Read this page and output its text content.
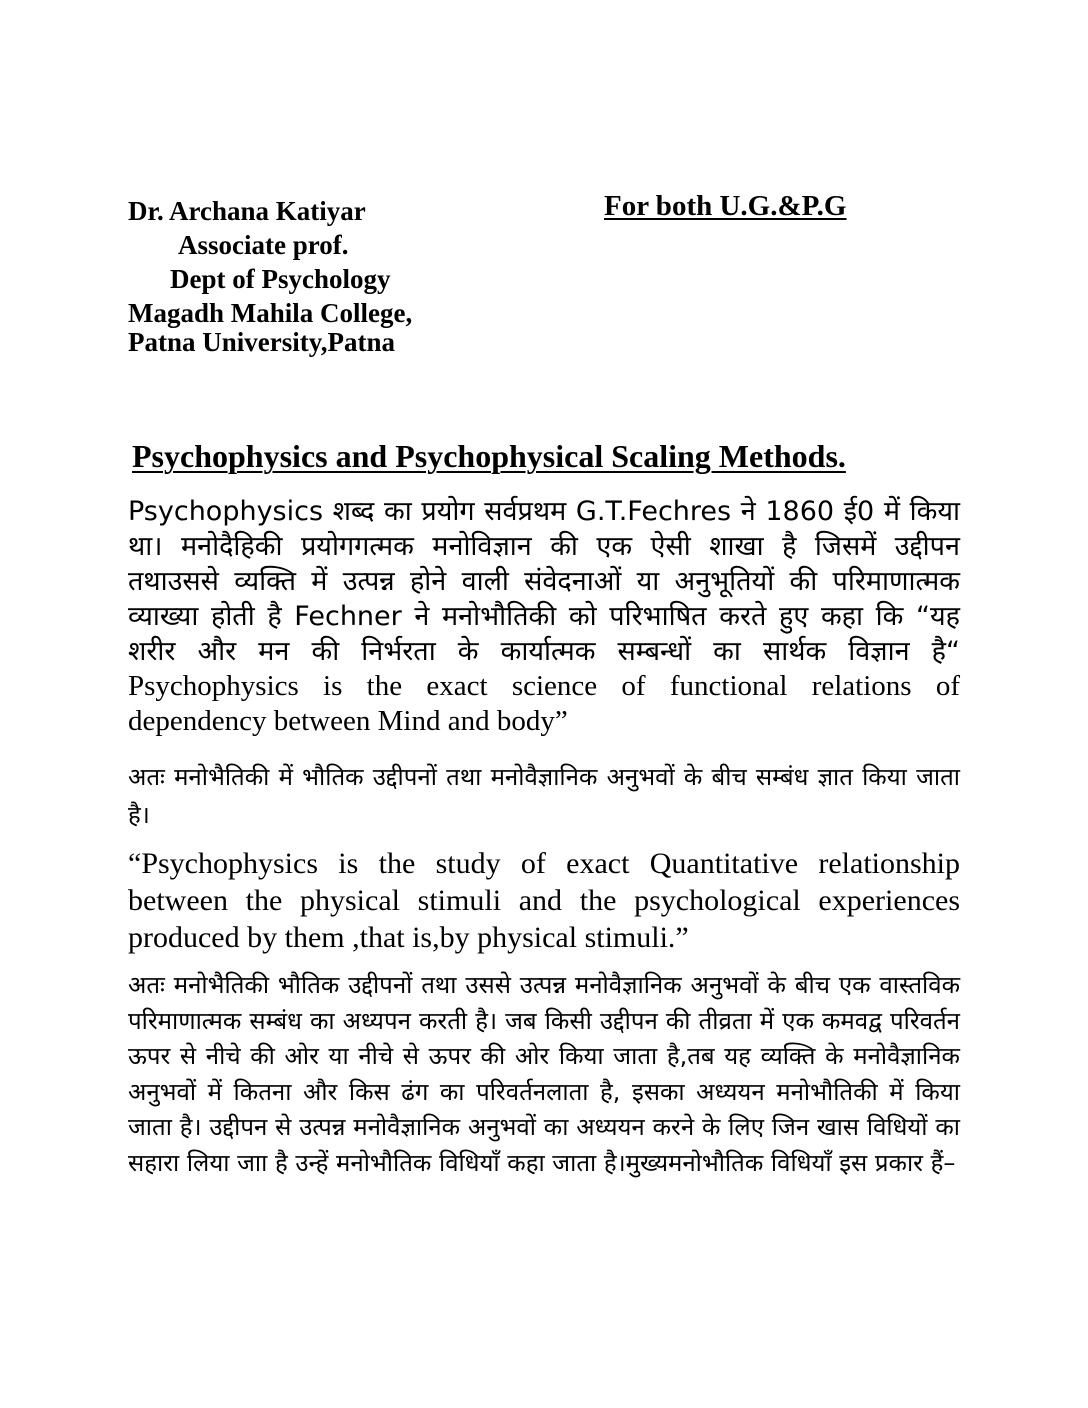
Dr. Archana Katiyar
Associate prof.
Dept of Psychology
Magadh Mahila College,
Patna University,Patna
For both U.G.&P.G
Psychophysics and Psychophysical Scaling Methods.
Psychophysics शब्द का प्रयोग सर्वप्रथम G.T.Fechres ने 1860 ई0 में किया था। मनोदैहिकी प्रयोगगत्मक मनोविज्ञान की एक ऐसी शाखा है जिसमें उद्दीपन तथाउससे व्यक्ति में उत्पन्न होने वाली संवेदनाओं या अनुभूतियों की परिमाणात्मक व्याख्या होती है Fechner ने मनोभौतिकी को परिभाषित करते हुए कहा कि “यह शरीर और मन की निर्भरता के कार्यात्मक सम्बन्धों का सार्थक विज्ञान है“ Psychophysics is the exact science of functional relations of dependency between Mind and body”
अतः मनोभैतिकी में भौतिक उद्दीपनों तथा मनोवैज्ञानिक अनुभवों के बीच सम्बंध ज्ञात किया जाता है।
“Psychophysics is the study of exact Quantitative relationship between the physical stimuli and the psychological experiences produced by them ,that is,by physical stimuli.”
अतः मनोभैतिकी भौतिक उद्दीपनों तथा उससे उत्पन्न मनोवैज्ञानिक अनुभवों के बीच एक वास्तविक परिमाणात्मक सम्बंध का अध्यपन करती है। जब किसी उद्दीपन की तीव्रता में एक कमवद्व परिवर्तन ऊपर से नीचे की ओर या नीचे से ऊपर की ओर किया जाता है,तब यह व्यक्ति के मनोवैज्ञानिक अनुभवों में कितना और किस ढंग का परिवर्तनलाता है, इसका अध्ययन मनोभौतिकी में किया जाता है। उद्दीपन से उत्पन्न मनोवैज्ञानिक अनुभवों का अध्ययन करने के लिए जिन खास विधियों का सहारा लिया जाा है उन्हें मनोभौतिक विधियाँ कहा जाता है।मुख्यमनोभौतिक विधियाँ इस प्रकार हैं–
